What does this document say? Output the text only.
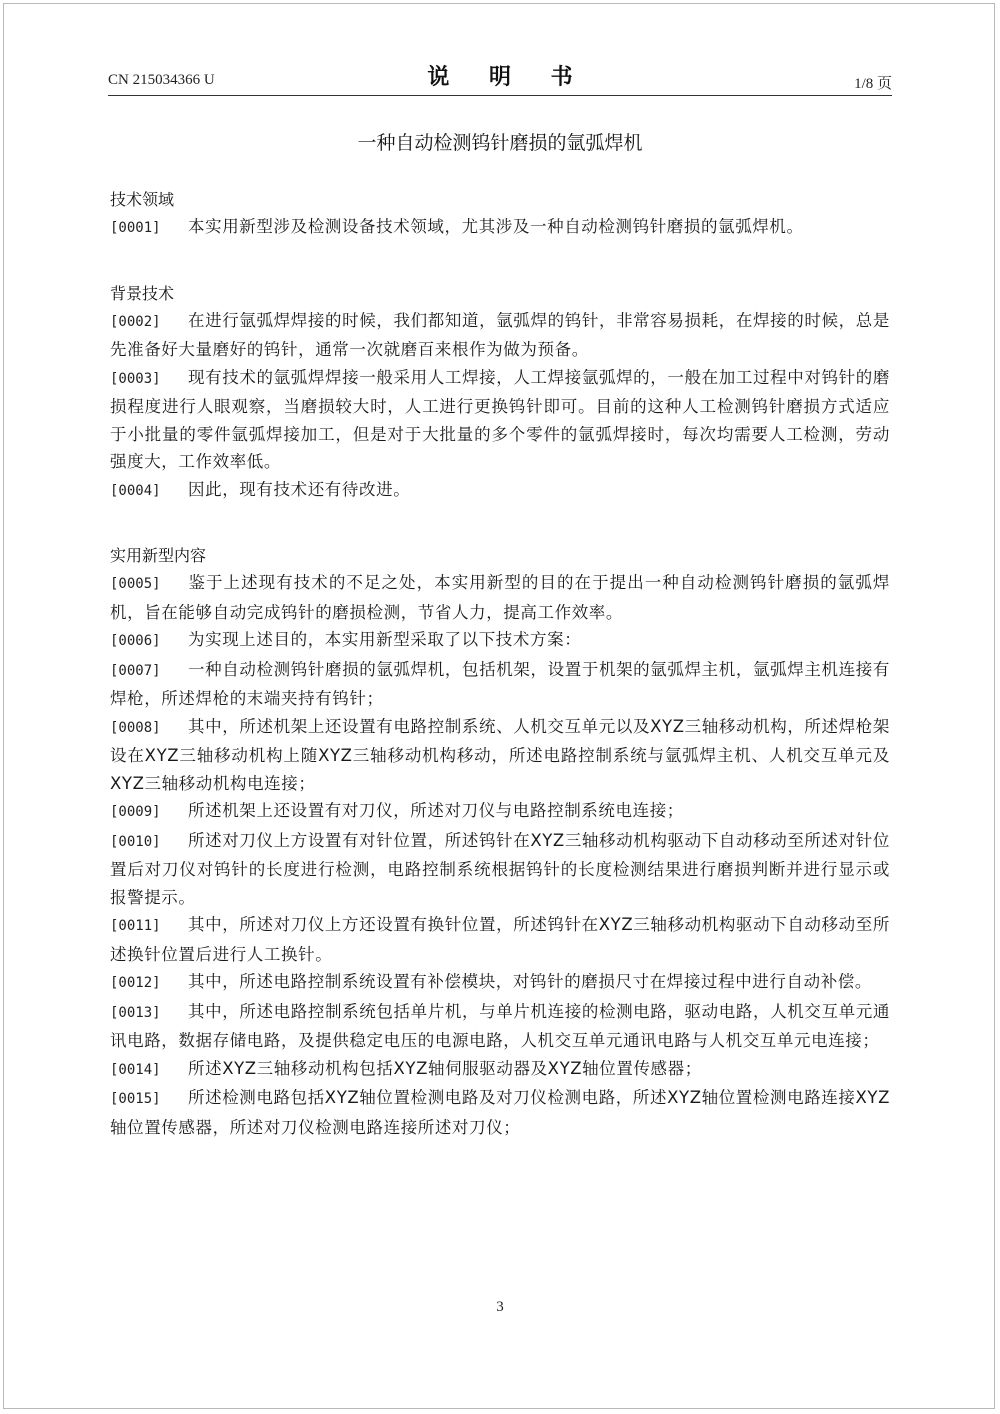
CN 215034366 U	说 明 书	1/8 页
一种自动检测钨针磨损的氩弧焊机
技术领域
[0001] 本实用新型涉及检测设备技术领域，尤其涉及一种自动检测钨针磨损的氩弧焊机。
背景技术
[0002] 在进行氩弧焊焊接的时候，我们都知道，氩弧焊的钨针，非常容易损耗，在焊接的时候，总是先准备好大量磨好的钨针，通常一次就磨百来根作为做为预备。
[0003] 现有技术的氩弧焊焊接一般采用人工焊接，人工焊接氩弧焊的，一般在加工过程中对钨针的磨损程度进行人眼观察，当磨损较大时，人工进行更换钨针即可。目前的这种人工检测钨针磨损方式适应于小批量的零件氩弧焊接加工，但是对于大批量的多个零件的氩弧焊接时，每次均需要人工检测，劳动强度大，工作效率低。
[0004] 因此，现有技术还有待改进。
实用新型内容
[0005] 鉴于上述现有技术的不足之处，本实用新型的目的在于提出一种自动检测钨针磨损的氩弧焊机，旨在能够自动完成钨针的磨损检测，节省人力，提高工作效率。
[0006] 为实现上述目的，本实用新型采取了以下技术方案：
[0007] 一种自动检测钨针磨损的氩弧焊机，包括机架，设置于机架的氩弧焊主机，氩弧焊主机连接有焊枪，所述焊枪的末端夹持有钨针；
[0008] 其中，所述机架上还设置有电路控制系统、人机交互单元以及XYZ三轴移动机构，所述焊枪架设在XYZ三轴移动机构上随XYZ三轴移动机构移动，所述电路控制系统与氩弧焊主机、人机交互单元及XYZ三轴移动机构电连接；
[0009] 所述机架上还设置有对刀仪，所述对刀仪与电路控制系统电连接；
[0010] 所述对刀仪上方设置有对针位置，所述钨针在XYZ三轴移动机构驱动下自动移动至所述对针位置后对刀仪对钨针的长度进行检测，电路控制系统根据钨针的长度检测结果进行磨损判断并进行显示或报警提示。
[0011] 其中，所述对刀仪上方还设置有换针位置，所述钨针在XYZ三轴移动机构驱动下自动移动至所述换针位置后进行人工换针。
[0012] 其中，所述电路控制系统设置有补偿模块，对钨针的磨损尺寸在焊接过程中进行自动补偿。
[0013] 其中，所述电路控制系统包括单片机，与单片机连接的检测电路，驱动电路，人机交互单元通讯电路，数据存储电路，及提供稳定电压的电源电路，人机交互单元通讯电路与人机交互单元电连接；
[0014] 所述XYZ三轴移动机构包括XYZ轴伺服驱动器及XYZ轴位置传感器；
[0015] 所述检测电路包括XYZ轴位置检测电路及对刀仪检测电路，所述XYZ轴位置检测电路连接XYZ轴位置传感器，所述对刀仪检测电路连接所述对刀仪；
3
